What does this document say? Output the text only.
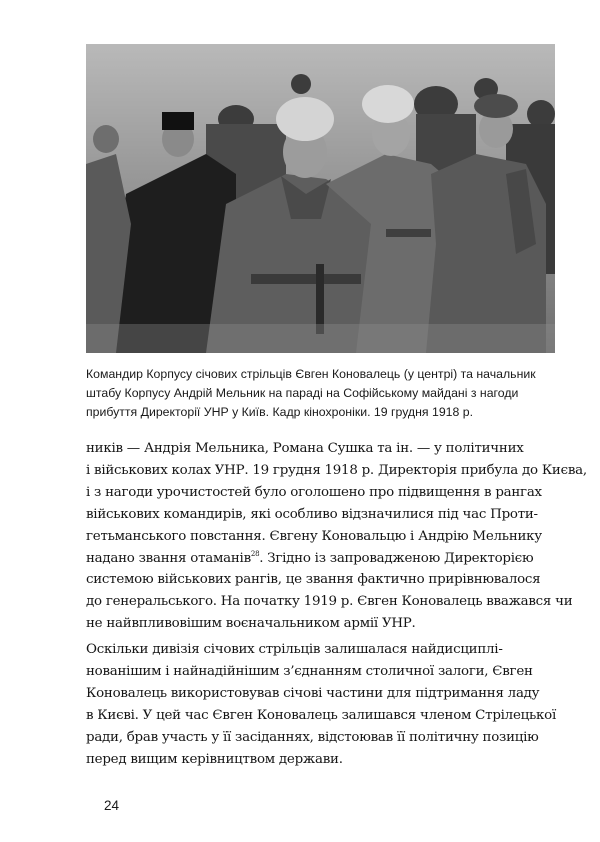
Командир Корпусу січових стрільців Євген Коновалець (у центрі) та начальник
штабу Корпусу Андрій Мельник на параді на Софійському майдані з нагоди
прибуття Директорії УНР у Київ. Кадр кінохроніки. 19 грудня 1918 р.
ників — Андрія Мельника, Романа Сушка та ін. — у політичних
і військових колах УНР. 19 грудня 1918 р. Директорія прибула до Києва,
і з нагоди урочистостей було оголошено про підвищення в рангах
військових командирів, які особливо відзначилися під час Проти-
гетьманського повстання. Євгену Коновальцю і Андрію Мельнику
надано звання отаманів$^{28}$. Згідно із запровадженою Директорією
системою військових рангів, це звання фактично прирівнювалося
до генеральського. На початку 1919 р. Євген Коновалець вважався чи
не найвпливовішим воєначальником армії УНР.
Оскільки дивізія січових стрільців залишалася найдисциплі-
нованішим і найнадійнішим з’єднанням столичної залоги, Євген
Коновалець використовував січові частини для підтримання ладу
в Києві. У цей час Євген Коновалець залишався членом Стрілецької
ради, брав участь у її засіданнях, відстоював її політичну позицію
перед вищим керівництвом держави.
24
